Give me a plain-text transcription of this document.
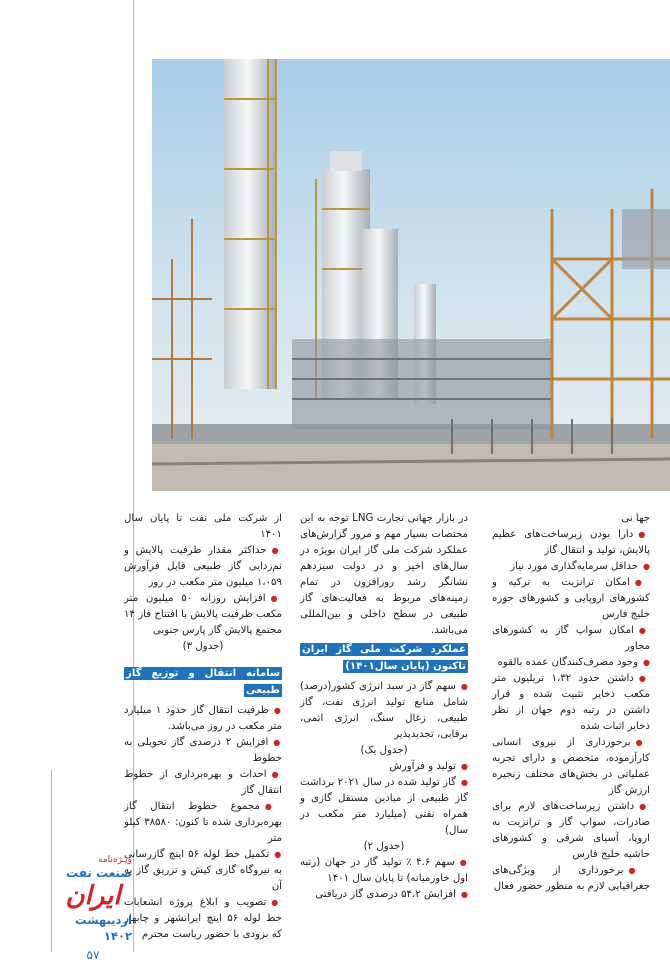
جها نی

● دارا بودن زیرساخت‌های عظیم پالایش، تولید و انتقال گاز

● حداقل سرمایه‌گذاری مورد نیاز

● امکان ترانزیت به ترکیه و کشورهای اروپایی و کشورهای حوزه خلیج فارس

● امکان سواپ گاز به کشورهای مجاور

● وجود مصرف‌کنندگان عمده بالقوه

● داشتن حدود ۱،۳۲ تریلیون متر مکعب ذخایر تثبیت شده و قرار داشتن در رتبه دوم جهان از نظر ذخایر اثبات شده

● برخورداری از نیروی انسانی کارآزموده، متخصص و دارای تجربه عملیاتی در بخش‌های مختلف زنجیره ارزش گاز

● داشتن زیرساخت‌های لازم برای صادرات، سواپ گاز و ترانزیت به اروپا، آسیای شرقی و کشورهای حاشیه خلیج فارس

● برخورداری از ویژگی‌های جغرافیایی لازم به منظور حضور فعال

در بازار جهانی تجارت LNG توجه به این مختصات بسیار مهم و مرور گزارش‌های عملکرد شرکت ملی گاز ایران بویژه در سال‌های اخیر و در دولت سیزدهم نشانگر رشد روزافزون در تمام زمینه‌های مربوط به فعالیت‌های گاز طبیعی در سطح داخلی و بین‌المللی می‌باشد.

عملکرد شرکت ملی گاز ایران تاکنون (پایان سال۱۴۰۱)

● سهم گاز در سبد انرژی کشور(درصد) شامل منابع تولید انرژی نفت، گاز طبیعی، زغال سنگ، انرژی اتمی، برقابی، تجدیدپذیر

(جدول یک)

● تولید و فرآورش

● گاز تولید شده در سال ۲۰۲۱ برداشت گاز طبیعی از میادین مستقل گازی و همراه نفتی (میلیارد متر مکعب در سال)

(جدول ۲)

● سهم ۴.۶ ٪ تولید گاز در جهان (رتبه اول خاورمیانه) تا پایان سال ۱۴۰۱

● افزایش ۵۴،۲ درصدی گاز دریافتی

از شرکت ملی نفت تا پایان سال ۱۴۰۱

● حداکثر مقدار ظرفیت پالایش و نم‌زدایی گاز طبیعی قابل فرآورش ۱،۰۵۹ میلیون متر مکعب در روز

● افزایش روزانه ۵۰ میلیون متر مکعب ظرفیت پالایش با افتتاح فاز ۱۴ مجتمع پالایش گاز پارس جنوبی

(جدول ۳)

سامانه انتقال و توزیع گاز طبیعی

● ظرفیت انتقال گاز حدود ۱ میلیارد متر مکعب در روز می‌باشد.

● افزایش ۲ درصدی گاز تحویلی به خطوط

● احداث و بهره‌برداری از خطوط انتقال گاز

● مجموع خطوط انتقال گاز بهره‌برداری شده تا کنون: ۳۸۵۸۰ کیلو متر

● تکمیل خط لوله ۵۶ اینچ گازرسانی به نیروگاه گازی کیش و تزریق گاز به آن

● تصویب و ابلاغ پروژه انشعابات خط لوله ۵۶ اینچ ایرانشهر و چابهار که بزودی با حضور ریاست محترم

ویـژه‌نامه
صنعت نفت
ایران
اردیبهشت ۱۴۰۲
۵۷
